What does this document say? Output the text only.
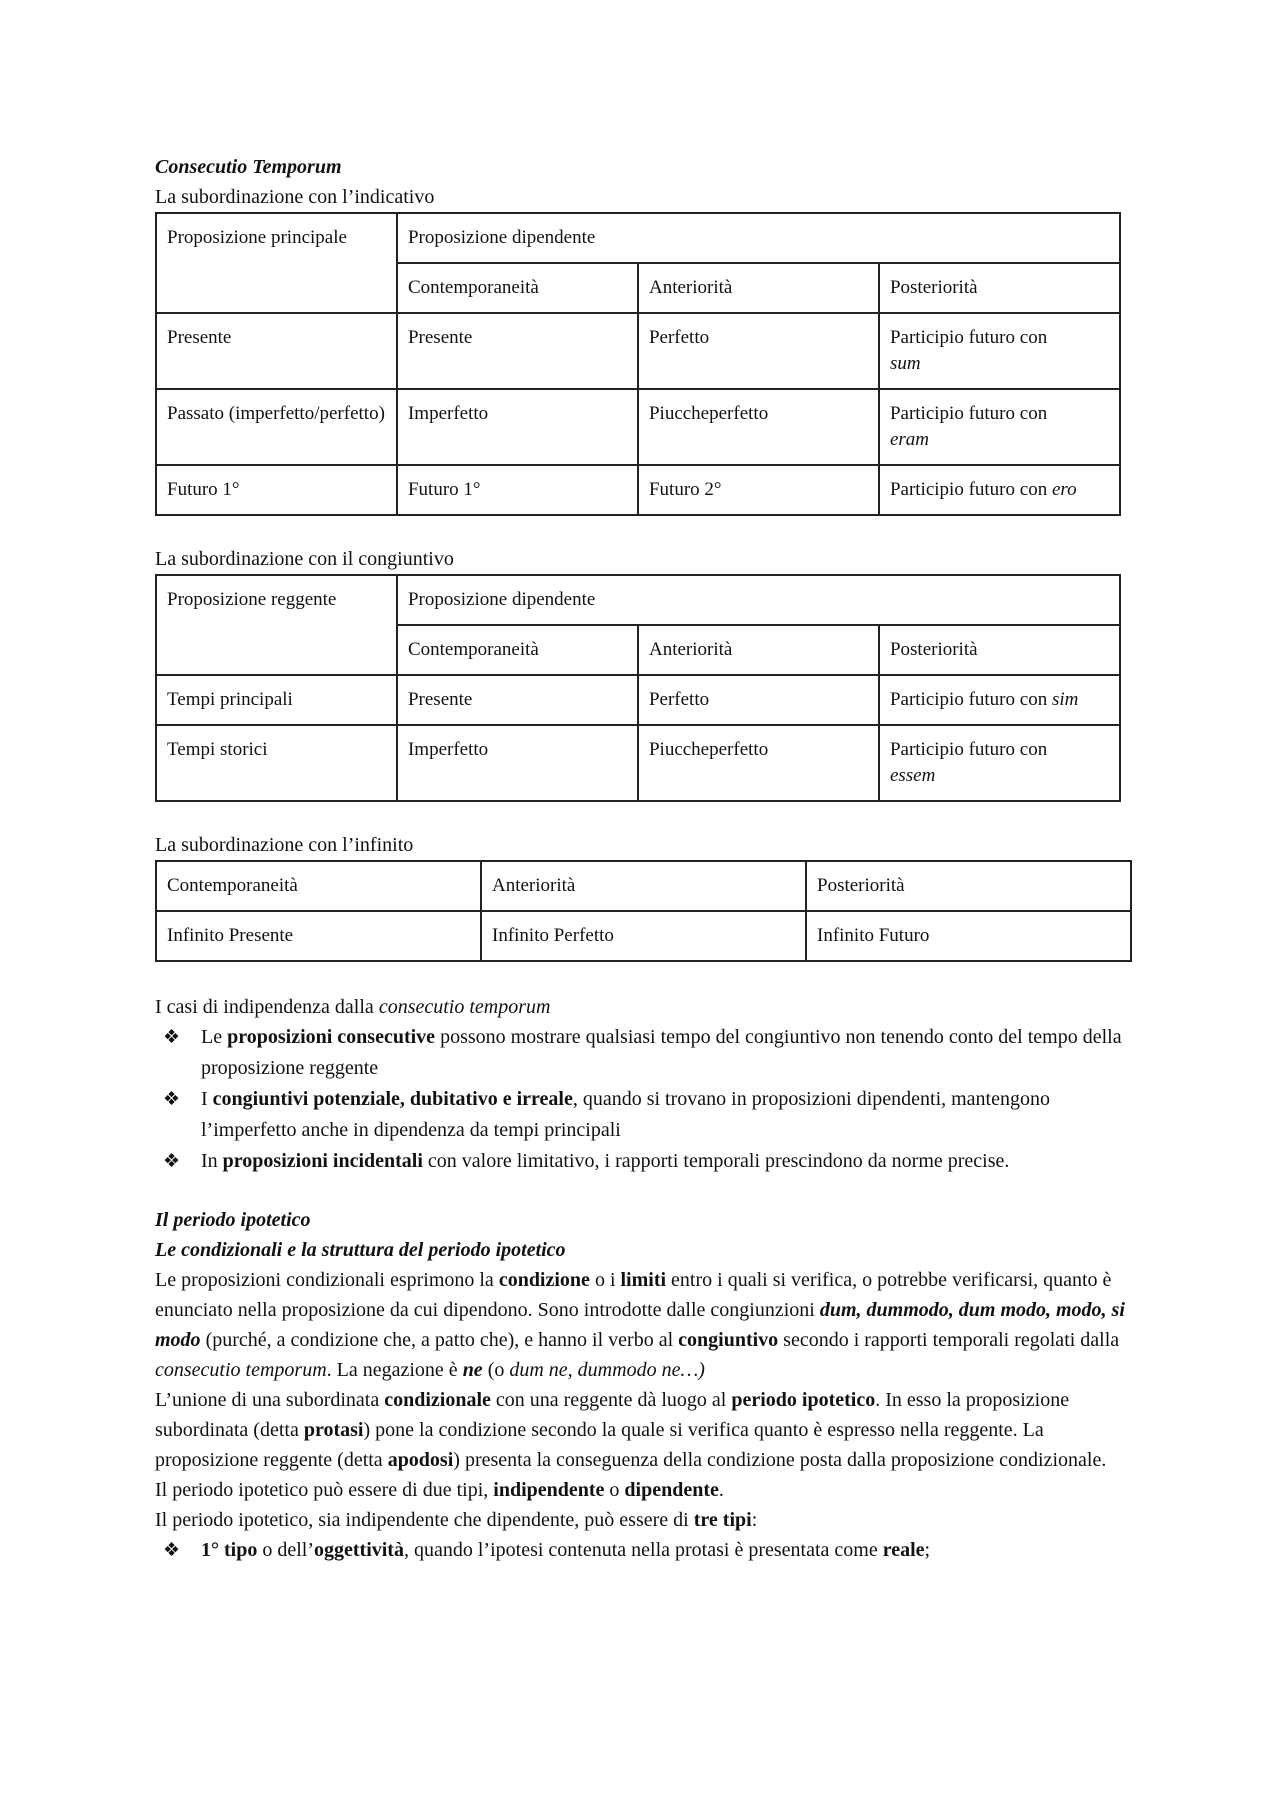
Consecutio Temporum

La subordinazione con l’indicativo

Proposizione principale	Proposizione dipendente		
	Contemporaneità	Anteriorità	Posteriorità
Presente	Presente	Perfetto	Participio futuro con
sum
Passato (imperfetto/perfetto)	Imperfetto	Piuccheperfetto	Participio futuro con
eram
Futuro 1°	Futuro 1°	Futuro 2°	Participio futuro con ero

La subordinazione con il congiuntivo

Proposizione reggente	Proposizione dipendente		
	Contemporaneità	Anteriorità	Posteriorità
Tempi principali	Presente	Perfetto	Participio futuro con sim
Tempi storici	Imperfetto	Piuccheperfetto	Participio futuro con
essem

La subordinazione con l’infinito

Contemporaneità	Anteriorità	Posteriorità
Infinito Presente	Infinito Perfetto	Infinito Futuro

I casi di indipendenza dalla consecutio temporum

❖ Le proposizioni consecutive possono mostrare qualsiasi tempo del congiuntivo non tenendo conto del tempo della proposizione reggente
❖ I congiuntivi potenziale, dubitativo e irreale, quando si trovano in proposizioni dipendenti, mantengono l’imperfetto anche in dipendenza da tempi principali
❖ In proposizioni incidentali con valore limitativo, i rapporti temporali prescindono da norme precise.
Il periodo ipotetico
Le condizionali e la struttura del periodo ipotetico

Le proposizioni condizionali esprimono la condizione o i limiti entro i quali si verifica, o potrebbe verificarsi, quanto è enunciato nella proposizione da cui dipendono. Sono introdotte dalle congiunzioni dum, dummodo, dum modo, modo, si modo (purché, a condizione che, a patto che), e hanno il verbo al congiuntivo secondo i rapporti temporali regolati dalla consecutio temporum. La negazione è ne (o dum ne, dummodo ne…)

L’unione di una subordinata condizionale con una reggente dà luogo al periodo ipotetico. In esso la proposizione subordinata (detta protasi) pone la condizione secondo la quale si verifica quanto è espresso nella reggente. La proposizione reggente (detta apodosi) presenta la conseguenza della condizione posta dalla proposizione condizionale.

Il periodo ipotetico può essere di due tipi, indipendente o dipendente.

Il periodo ipotetico, sia indipendente che dipendente, può essere di tre tipi:

❖ 1° tipo o dell’oggettività, quando l’ipotesi contenuta nella protasi è presentata come reale;
